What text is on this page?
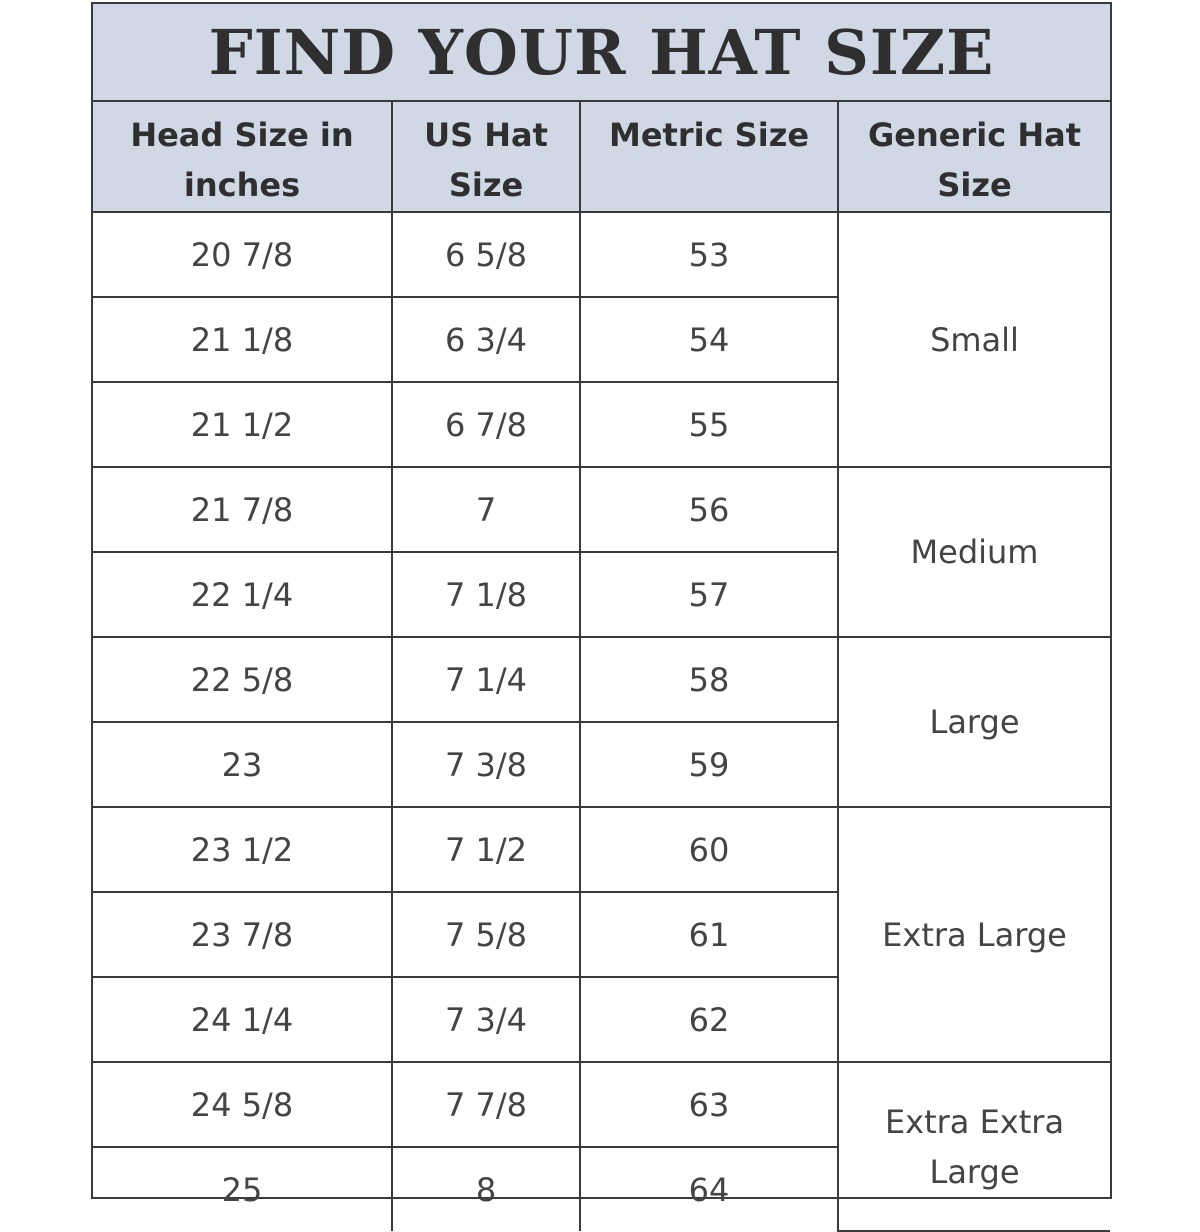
FIND YOUR HAT SIZE
Head Size in inches	US Hat Size	Metric Size	Generic Hat Size
20 7/8	6 5/8	53	Small
21 1/8	6 3/4	54	
21 1/2	6 7/8	55	
21 7/8	7	56	Medium
22 1/4	7 1/8	57	
22 5/8	7 1/4	58	Large
23	7 3/8	59	
23 1/2	7 1/2	60	Extra Large
23 7/8	7 5/8	61	
24 1/4	7 3/4	62	
24 5/8	7 7/8	63	Extra Extra Large
25	8	64	
